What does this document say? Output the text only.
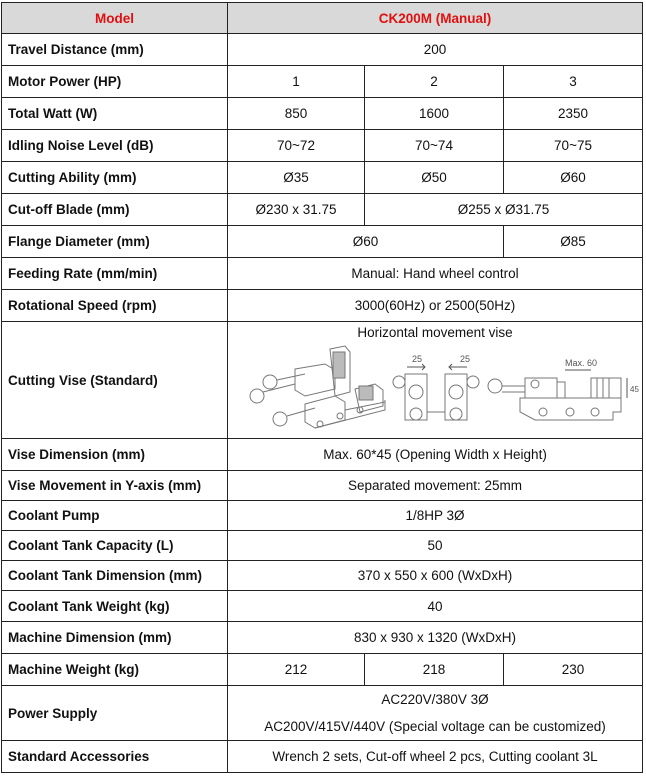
Model	CK200M (Manual)		
Travel Distance (mm)	200		
Motor Power (HP)	1	2	3
Total Watt (W)	850	1600	2350
Idling Noise Level (dB)	70~72	70~74	70~75
Cutting Ability (mm)	Ø35	Ø50	Ø60
Cut-off Blade (mm)	Ø230 x 31.75	Ø255 x Ø31.75	
Flange Diameter (mm)	Ø60		Ø85
Feeding Rate (mm/min)	Manual: Hand wheel control		
Rotational Speed (rpm)	3000(60Hz) or 2500(50Hz)		
Cutting Vise (Standard)	Horizontal movement vise
25 25 Max. 60
45		

Vise Dimension (mm)	Max. 60*45 (Opening Width x Height)		
Vise Movement in Y-axis (mm)	Separated movement: 25mm		
Coolant Pump	1/8HP 3Ø		
Coolant Tank Capacity (L)	50		
Coolant Tank Dimension (mm)	370 x 550 x 600 (WxDxH)		
Coolant Tank Weight (kg)	40		
Machine Dimension (mm)	830 x 930 x 1320 (WxDxH)		
Machine Weight (kg)	212	218	230
Power Supply	AC220V/380V 3Ø
AC200V/415V/440V (Special voltage can be customized)		

Standard Accessories	Wrench 2 sets, Cut-off wheel 2 pcs, Cutting coolant 3L		
